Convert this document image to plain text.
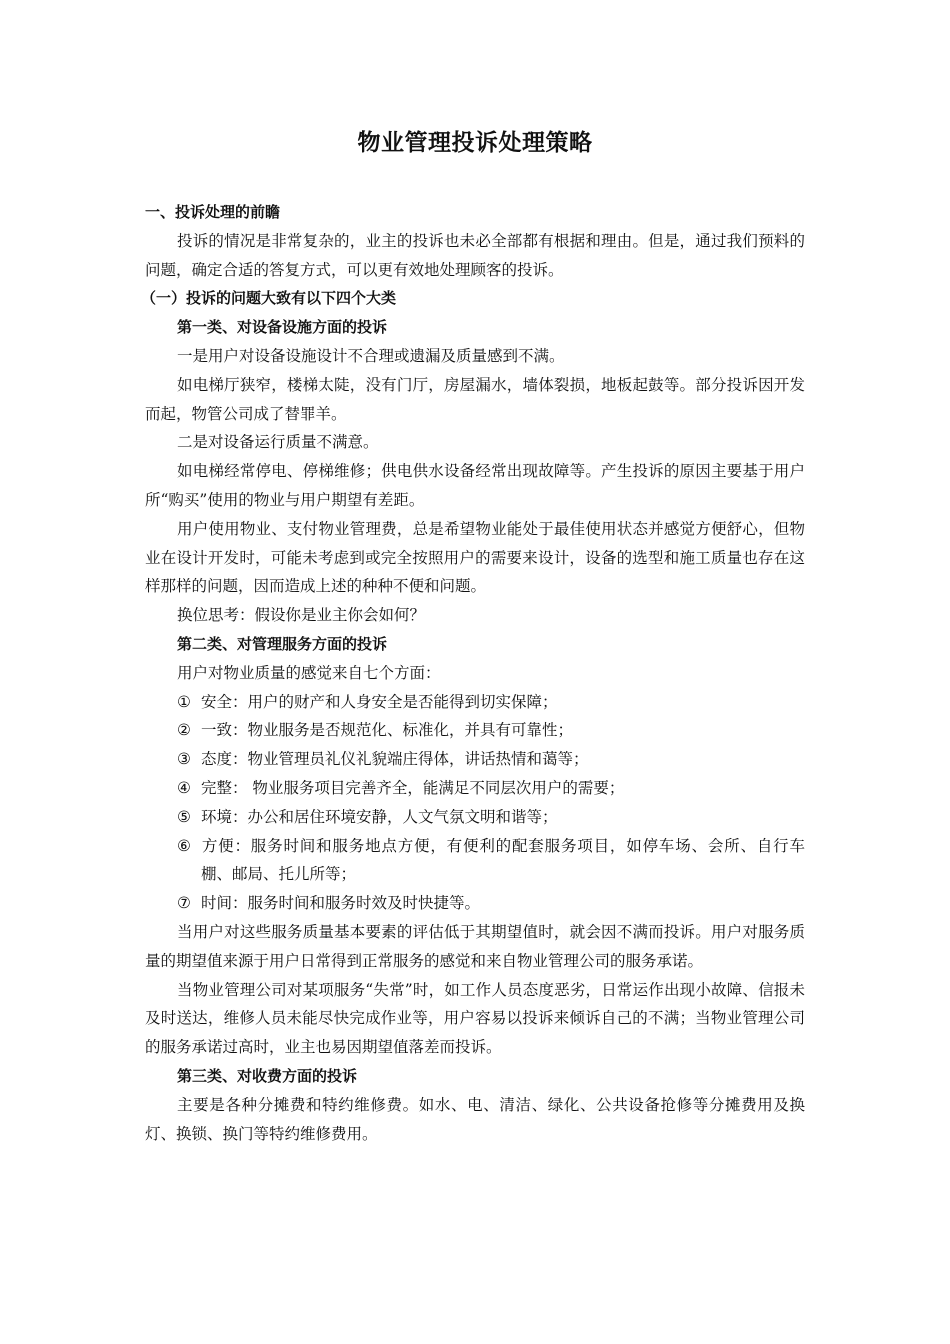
物业管理投诉处理策略

一、投诉处理的前瞻

投诉的情况是非常复杂的，业主的投诉也未必全部都有根据和理由。但是，通过我们预料的问题，确定合适的答复方式，可以更有效地处理顾客的投诉。

（一）投诉的问题大致有以下四个大类

第一类、对设备设施方面的投诉

一是用户对设备设施设计不合理或遗漏及质量感到不满。

如电梯厅狭窄，楼梯太陡，没有门厅，房屋漏水，墙体裂损，地板起鼓等。部分投诉因开发而起，物管公司成了替罪羊。

二是对设备运行质量不满意。

如电梯经常停电、停梯维修；供电供水设备经常出现故障等。产生投诉的原因主要基于用户所“购买”使用的物业与用户期望有差距。

用户使用物业、支付物业管理费，总是希望物业能处于最佳使用状态并感觉方便舒心，但物业在设计开发时，可能未考虑到或完全按照用户的需要来设计，设备的选型和施工质量也存在这样那样的问题，因而造成上述的种种不便和问题。

换位思考：假设你是业主你会如何？

第二类、对管理服务方面的投诉

用户对物业质量的感觉来自七个方面：

① 安全：用户的财产和人身安全是否能得到切实保障；

② 一致：物业服务是否规范化、标准化，并具有可靠性；

③ 态度：物业管理员礼仪礼貌端庄得体，讲话热情和蔼等；

④ 完整： 物业服务项目完善齐全，能满足不同层次用户的需要；

⑤ 环境：办公和居住环境安静，人文气氛文明和谐等；

⑥ 方便：服务时间和服务地点方便，有便利的配套服务项目，如停车场、会所、自行车棚、邮局、托儿所等；

⑦ 时间：服务时间和服务时效及时快捷等。

当用户对这些服务质量基本要素的评估低于其期望值时，就会因不满而投诉。用户对服务质量的期望值来源于用户日常得到正常服务的感觉和来自物业管理公司的服务承诺。

当物业管理公司对某项服务“失常”时，如工作人员态度恶劣，日常运作出现小故障、信报未及时送达，维修人员未能尽快完成作业等，用户容易以投诉来倾诉自己的不满；当物业管理公司的服务承诺过高时，业主也易因期望值落差而投诉。

第三类、对收费方面的投诉

主要是各种分摊费和特约维修费。如水、电、清洁、绿化、公共设备抢修等分摊费用及换灯、换锁、换门等特约维修费用。
